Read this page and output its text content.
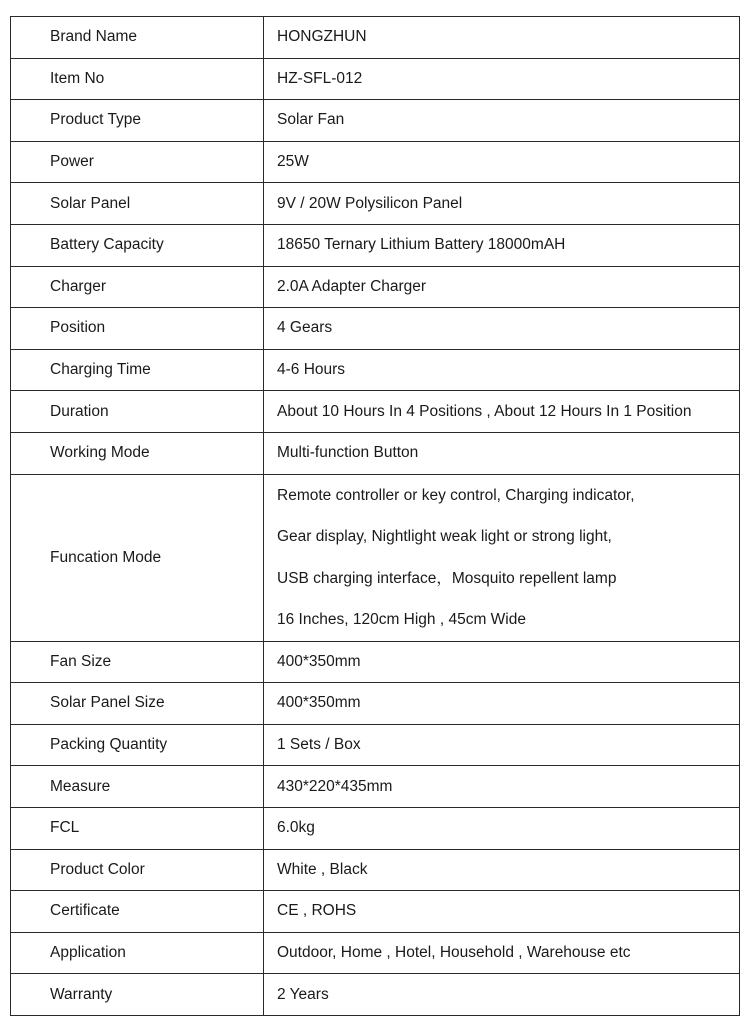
Brand Name	HONGZHUN
Item No	HZ-SFL-012
Product Type	Solar Fan
Power	25W
Solar Panel	9V / 20W Polysilicon Panel
Battery Capacity	18650 Ternary Lithium Battery 18000mAH
Charger	2.0A Adapter Charger
Position	4 Gears
Charging Time	4-6 Hours
Duration	About 10 Hours In 4 Positions , About 12 Hours In 1 Position
Working Mode	Multi-function Button
Funcation Mode	Remote controller or key control, Charging indicator,
Gear display, Nightlight weak light or strong light,
USB charging interface，Mosquito repellent lamp
16 Inches, 120cm High , 45cm Wide

Fan Size	400*350mm
Solar Panel Size	400*350mm
Packing Quantity	1 Sets / Box
Measure	430*220*435mm
FCL	6.0kg
Product Color	White , Black
Certificate	CE , ROHS
Application	Outdoor, Home , Hotel, Household , Warehouse etc
Warranty	2 Years
